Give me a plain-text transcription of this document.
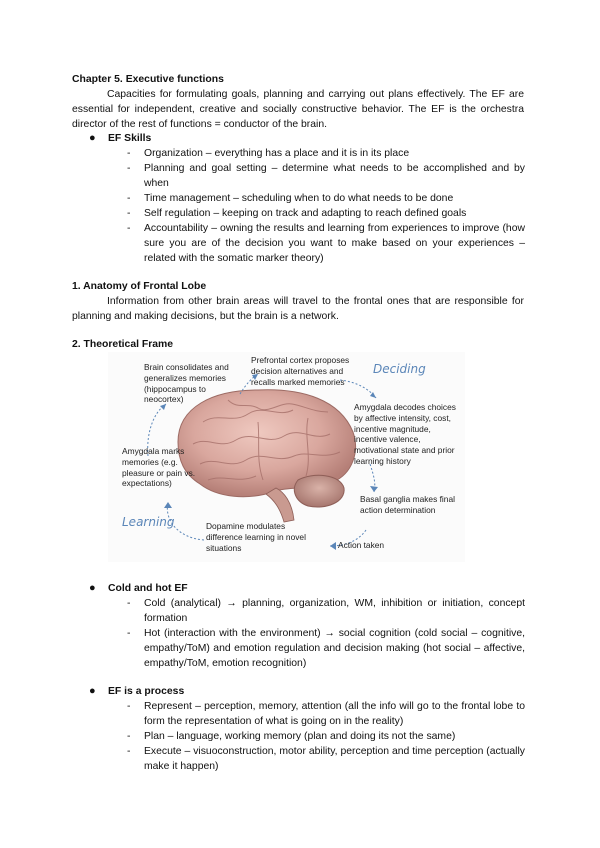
Chapter 5. Executive functions
Capacities for formulating goals, planning and carrying out plans effectively. The EF are essential for independent, creative and socially constructive behavior. The EF is the orchestra director of the rest of functions = conductor of the brain.
● EF Skills
- Organization – everything has a place and it is in its place
- Planning and goal setting – determine what needs to be accomplished and by when
- Time management – scheduling when to do what needs to be done
- Self regulation – keeping on track and adapting to reach defined goals
- Accountability – owning the results and learning from experiences to improve (how sure you are of the decision you want to make based on your experiences – related with the somatic marker theory)
1. Anatomy of Frontal Lobe
Information from other brain areas will travel to the frontal ones that are responsible for planning and making decisions, but the brain is a network.
2. Theoretical Frame
Deciding
Learning
Prefrontal cortex proposes decision alternatives and recalls marked memories
Amygdala decodes choices by affective intensity, cost, incentive magnitude, incentive valence, motivational state and prior learning history
Basal ganglia makes final action determination
Action taken
Dopamine modulates difference learning in novel situations
Amygdala marks memories (e.g. pleasure or pain vs. expectations)
Brain consolidates and generalizes memories (hippocampus to neocortex)
● Cold and hot EF
- Cold (analytical) → planning, organization, WM, inhibition or initiation, concept formation
- Hot (interaction with the environment) → social cognition (cold social – cognitive, empathy/ToM) and emotion regulation and decision making (hot social – affective, empathy/ToM, emotion recognition)
● EF is a process
- Represent – perception, memory, attention (all the info will go to the frontal lobe to form the representation of what is going on in the reality)
- Plan – language, working memory (plan and doing its not the same)
- Execute – visuoconstruction, motor ability, perception and time perception (actually make it happen)
